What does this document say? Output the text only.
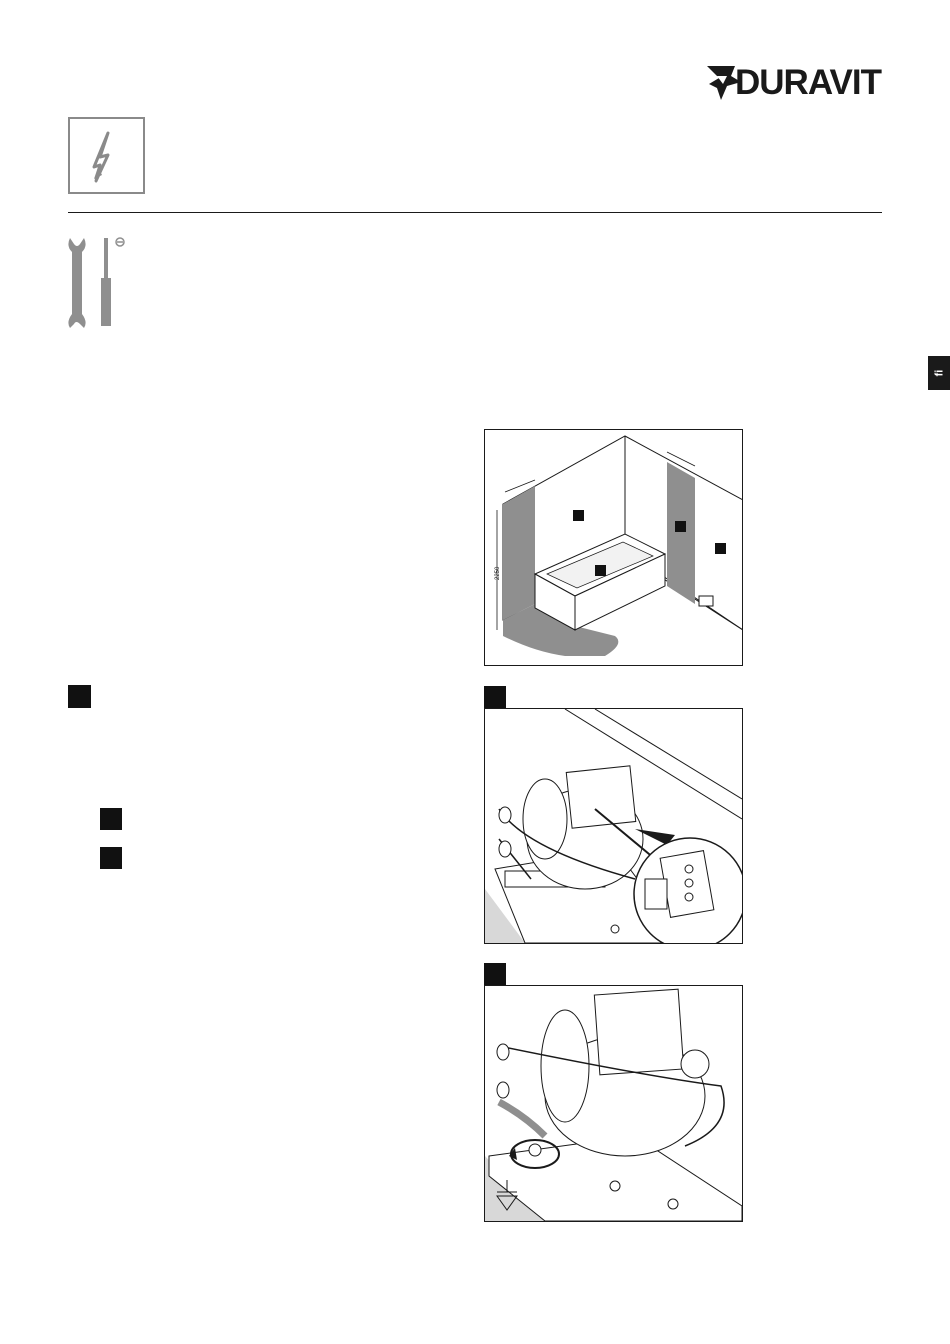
DURAVIT
fi
2250
